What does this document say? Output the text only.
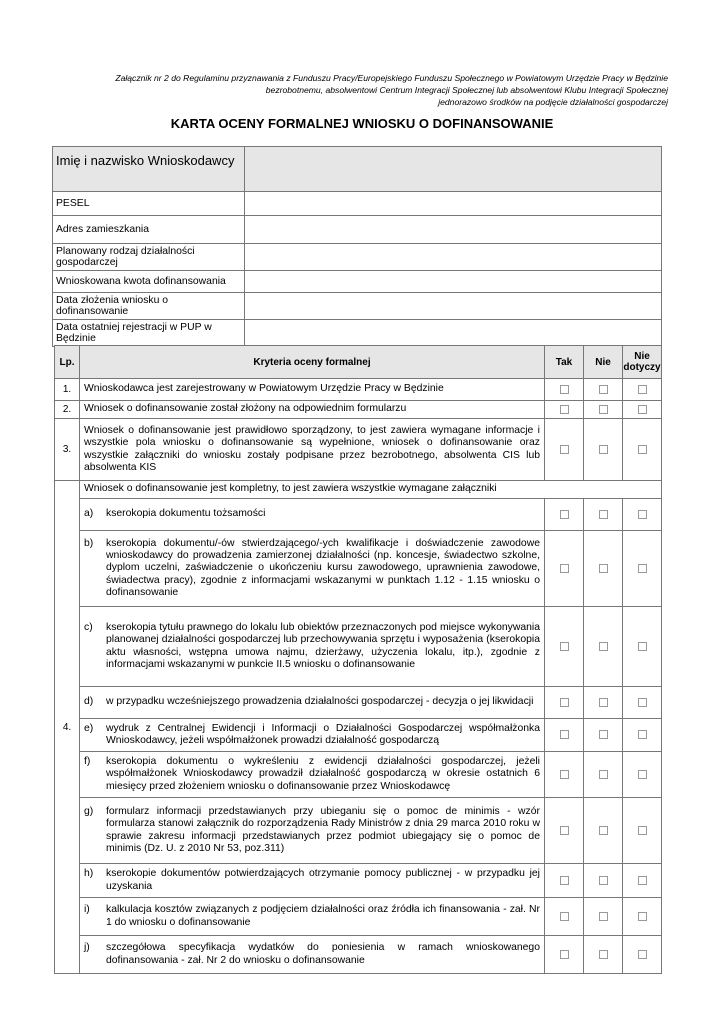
Załącznik nr 2 do Regulaminu przyznawania z Funduszu Pracy/Europejskiego Funduszu Społecznego w Powiatowym Urzędzie Pracy w Będzinie
bezrobotnemu, absolwentowi Centrum Integracji Społecznej lub absolwentowi Klubu Integracji Społecznej
jednorazowo środków na podjęcie działalności gospodarczej
KARTA OCENY FORMALNEJ WNIOSKU O DOFINANSOWANIE
Imię i nazwisko Wnioskodawcy	
PESEL	
Adres zamieszkania	
Planowany rodzaj działalności gospodarczej	
Wnioskowana kwota dofinansowania	
Data złożenia wniosku o dofinansowanie	
Data ostatniej rejestracji w PUP w Będzinie	
Lp.	Kryteria oceny formalnej	Tak	Nie	Nie dotyczy
1.	Wnioskodawca jest zarejestrowany w Powiatowym Urzędzie Pracy w Będzinie			

2.	Wniosek o dofinansowanie został złożony na odpowiednim formularzu			

3.	Wniosek o dofinansowanie jest prawidłowo sporządzony, to jest zawiera wymagane informacje i wszystkie pola wniosku o dofinansowanie są wypełnione, wniosek o dofinansowanie oraz wszystkie załączniki do wniosku zostały podpisane przez bezrobotnego, absolwenta CIS lub absolwenta KIS			

4.	Wniosek o dofinansowanie jest kompletny, to jest zawiera wszystkie wymagane załączniki			

	a) kserokopia dokumentu tożsamości			

	b) kserokopia dokumentu/-ów stwierdzającego/-ych kwalifikacje i doświadczenie zawodowe wnioskodawcy do prowadzenia zamierzonej działalności (np. koncesje, świadectwo szkolne, dyplom uczelni, zaświadczenie o ukończeniu kursu zawodowego, uprawnienia zawodowe, świadectwa pracy), zgodnie z informacjami wskazanymi w punktach 1.12 - 1.15 wniosku o dofinansowanie			

	c) kserokopia tytułu prawnego do lokalu lub obiektów przeznaczonych pod miejsce wykonywania planowanej działalności gospodarczej lub przechowywania sprzętu i wyposażenia (kserokopia aktu własności, wstępna umowa najmu, dzierżawy, użyczenia lokalu, itp.), zgodnie z informacjami wskazanymi w punkcie II.5 wniosku o dofinansowanie			

	d) w przypadku wcześniejszego prowadzenia działalności gospodarczej - decyzja o jej likwidacji			

	e) wydruk z Centralnej Ewidencji i Informacji o Działalności Gospodarczej współmałżonka Wnioskodawcy, jeżeli współmałżonek prowadzi działalność gospodarczą			

	f) kserokopia dokumentu o wykreśleniu z ewidencji działalności gospodarczej, jeżeli współmałżonek Wnioskodawcy prowadził działalność gospodarczą w okresie ostatnich 6 miesięcy przed złożeniem wniosku o dofinansowanie przez Wnioskodawcę			

	g) formularz informacji przedstawianych przy ubieganiu się o pomoc de minimis - wzór formularza stanowi załącznik do rozporządzenia Rady Ministrów z dnia 29 marca 2010 roku w sprawie zakresu informacji przedstawianych przez podmiot ubiegający się o pomoc de minimis (Dz. U. z 2010 Nr 53, poz.311)			

	h) kserokopie dokumentów potwierdzających otrzymanie pomocy publicznej - w przypadku jej uzyskania			

	i) kalkulacja kosztów związanych z podjęciem działalności oraz źródła ich finansowania - zał. Nr 1 do wniosku o dofinansowanie			

	j) szczegółowa specyfikacja wydatków do poniesienia w ramach wnioskowanego dofinansowania - zał. Nr 2 do wniosku o dofinansowanie			
